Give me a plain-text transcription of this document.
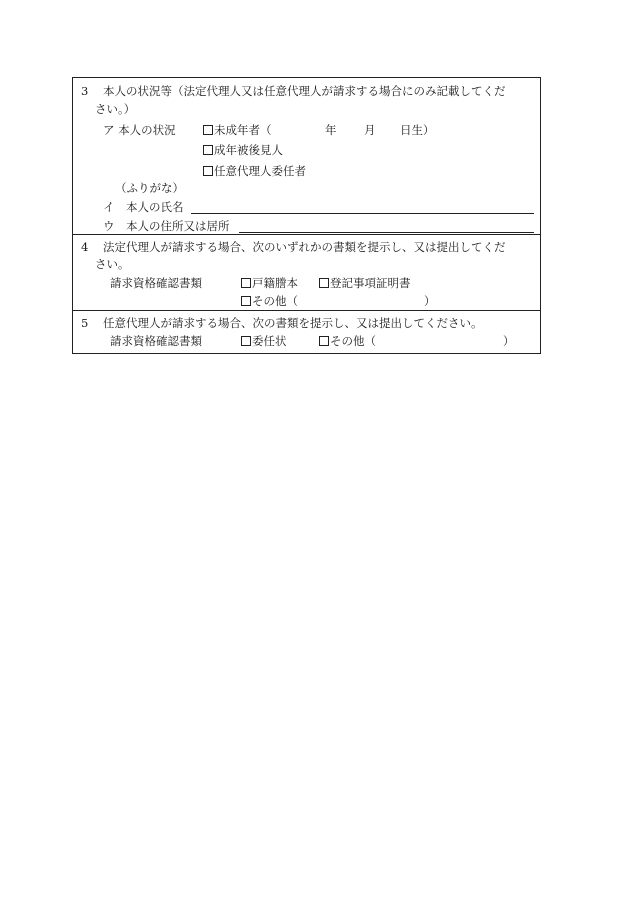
3 本人の状況等（法定代理人又は任意代理人が請求する場合にのみ記載してくだ
さい。）
ア 本人の状況	未成年者（	年 月 日生）
成年被後見人
任意代理人委任者
（ふりがな）
イ　本人の氏名
ウ　本人の住所又は居所
4 法定代理人が請求する場合、次のいずれかの書類を提示し、又は提出してくだ
さい。
請求資格確認書類	戸籍謄本	登記事項証明書
その他（	）
5 任意代理人が請求する場合、次の書類を提示し、又は提出してください。
請求資格確認書類	委任状	その他（	）
